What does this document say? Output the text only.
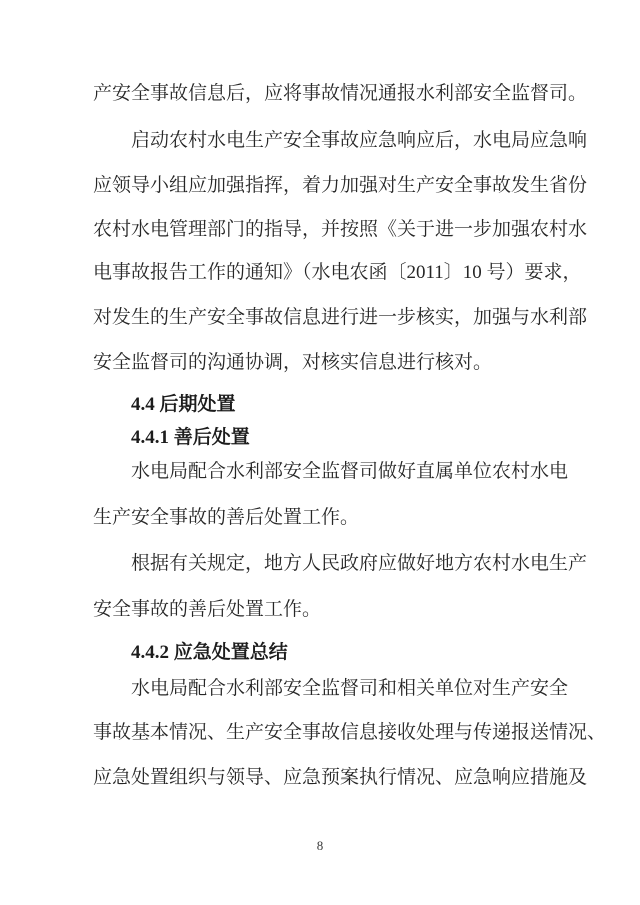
产安全事故信息后，应将事故情况通报水利部安全监督司。
启动农村水电生产安全事故应急响应后，水电局应急响
应领导小组应加强指挥，着力加强对生产安全事故发生省份
农村水电管理部门的指导，并按照《关于进一步加强农村水
电事故报告工作的通知》（水电农函〔2011〕10 号）要求，
对发生的生产安全事故信息进行进一步核实，加强与水利部
安全监督司的沟通协调，对核实信息进行核对。
4.4 后期处置
4.4.1 善后处置
水电局配合水利部安全监督司做好直属单位农村水电
生产安全事故的善后处置工作。
根据有关规定，地方人民政府应做好地方农村水电生产
安全事故的善后处置工作。
4.4.2 应急处置总结
水电局配合水利部安全监督司和相关单位对生产安全
事故基本情况、生产安全事故信息接收处理与传递报送情况、
应急处置组织与领导、应急预案执行情况、应急响应措施及
8
